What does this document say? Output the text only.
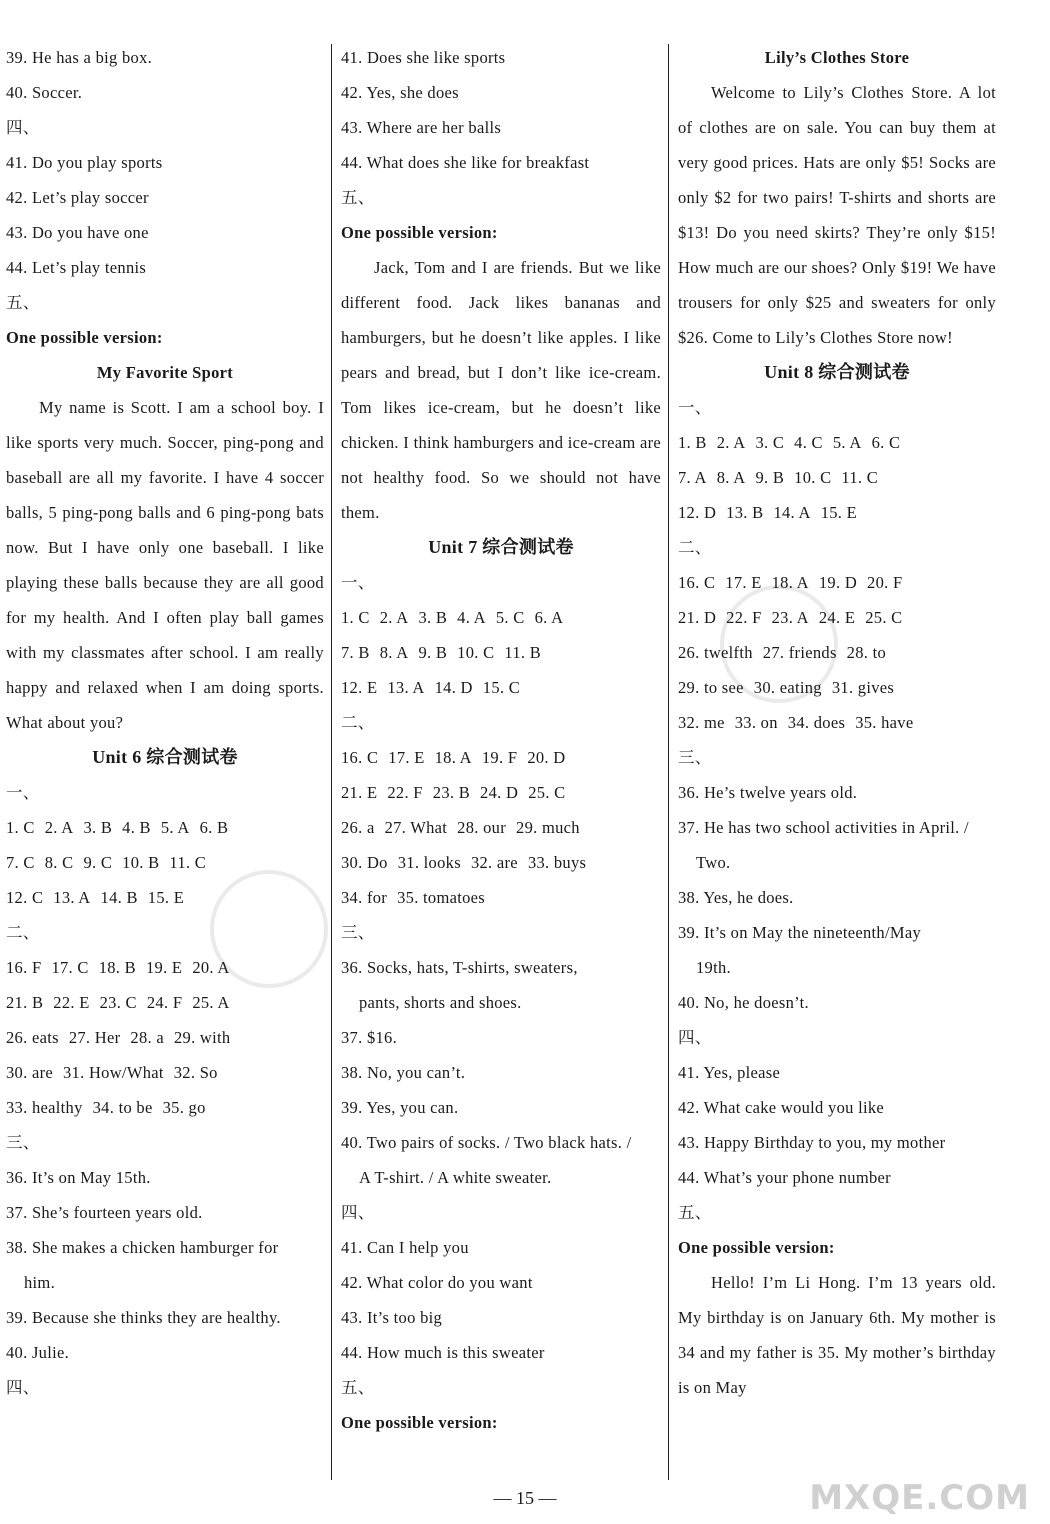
39. He has a big box.
40. Soccer.
四、
41. Do you play sports
42. Let’s play soccer
43. Do you have one
44. Let’s play tennis
五、
One possible version:
My Favorite Sport
My name is Scott. I am a school boy. I like sports very much. Soccer, ping-pong and baseball are all my favorite. I have 4 soccer balls, 5 ping-pong balls and 6 ping-pong bats now. But I have only one baseball. I like playing these balls because they are all good for my health. And I often play ball games with my classmates after school. I am really happy and relaxed when I am doing sports. What about you?
Unit 6 综合测试卷
一、
1. C 2. A 3. B 4. B 5. A 6. B
7. C 8. C 9. C 10. B 11. C
12. C 13. A 14. B 15. E
二、
16. F 17. C 18. B 19. E 20. A
21. B 22. E 23. C 24. F 25. A
26. eats 27. Her 28. a 29. with
30. are 31. How/What 32. So
33. healthy 34. to be 35. go
三、
36. It’s on May 15th.
37. She’s fourteen years old.
38. She makes a chicken hamburger for
him.
39. Because she thinks they are healthy.
40. Julie.
四、
41. Does she like sports
42. Yes, she does
43. Where are her balls
44. What does she like for breakfast
五、
One possible version:
Jack, Tom and I are friends. But we like different food. Jack likes bananas and hamburgers, but he doesn’t like apples. I like pears and bread, but I don’t like ice-cream. Tom likes ice-cream, but he doesn’t like chicken. I think hamburgers and ice-cream are not healthy food. So we should not have them.
Unit 7 综合测试卷
一、
1. C 2. A 3. B 4. A 5. C 6. A
7. B 8. A 9. B 10. C 11. B
12. E 13. A 14. D 15. C
二、
16. C 17. E 18. A 19. F 20. D
21. E 22. F 23. B 24. D 25. C
26. a 27. What 28. our 29. much
30. Do 31. looks 32. are 33. buys
34. for 35. tomatoes
三、
36. Socks, hats, T-shirts, sweaters,
pants, shorts and shoes.
37. $16.
38. No, you can’t.
39. Yes, you can.
40. Two pairs of socks. / Two black hats. /
A T-shirt. / A white sweater.
四、
41. Can I help you
42. What color do you want
43. It’s too big
44. How much is this sweater
五、
One possible version:
Lily’s Clothes Store
Welcome to Lily’s Clothes Store. A lot of clothes are on sale. You can buy them at very good prices. Hats are only $5! Socks are only $2 for two pairs! T-shirts and shorts are $13! Do you need skirts? They’re only $15! How much are our shoes? Only $19! We have trousers for only $25 and sweaters for only $26. Come to Lily’s Clothes Store now!
Unit 8 综合测试卷
一、
1. B 2. A 3. C 4. C 5. A 6. C
7. A 8. A 9. B 10. C 11. C
12. D 13. B 14. A 15. E
二、
16. C 17. E 18. A 19. D 20. F
21. D 22. F 23. A 24. E 25. C
26. twelfth 27. friends 28. to
29. to see 30. eating 31. gives
32. me 33. on 34. does 35. have
三、
36. He’s twelve years old.
37. He has two school activities in April. /
Two.
38. Yes, he does.
39. It’s on May the nineteenth/May
19th.
40. No, he doesn’t.
四、
41. Yes, please
42. What cake would you like
43. Happy Birthday to you, my mother
44. What’s your phone number
五、
One possible version:
Hello! I’m Li Hong. I’m 13 years old. My birthday is on January 6th. My mother is 34 and my father is 35. My mother’s birthday is on May
— 15 —	MXQE.COM
